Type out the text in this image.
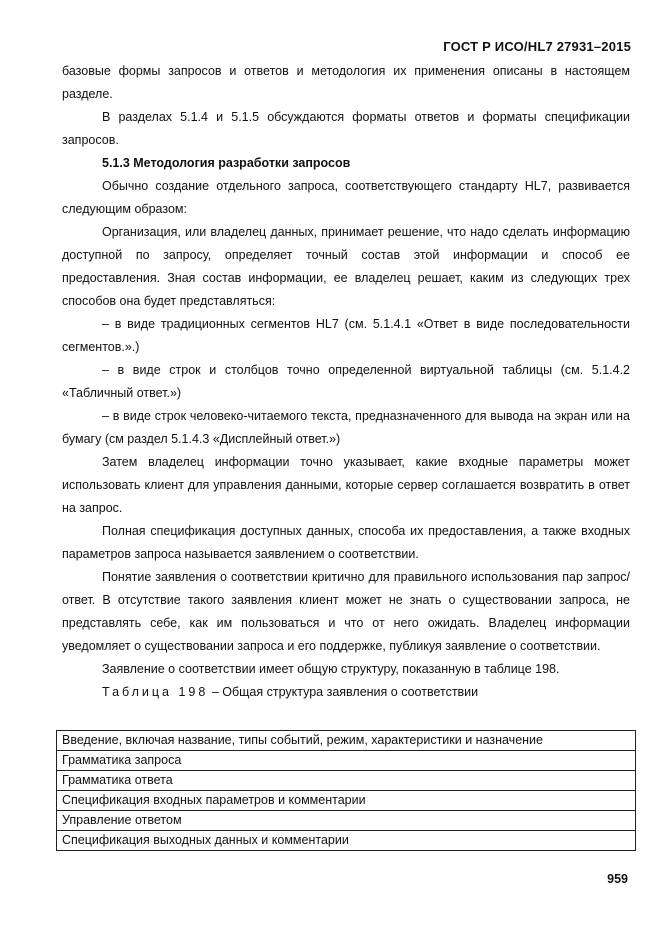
ГОСТ Р ИСО/HL7 27931–2015

базовые формы запросов и ответов и методология их применения описаны в настоящем разделе.

В разделах 5.1.4 и 5.1.5 обсуждаются форматы ответов и форматы спецификации запросов.

5.1.3 Методология разработки запросов

Обычно создание отдельного запроса, соответствующего стандарту HL7, развивается следующим образом:

Организация, или владелец данных, принимает решение, что надо сделать информацию доступной по запросу, определяет точный состав этой информации и способ ее предоставления. Зная состав информации, ее владелец решает, каким из следующих трех способов она будет представляться:

– в виде традиционных сегментов HL7 (см. 5.1.4.1 «Ответ в виде последовательности сегментов.».)

– в виде строк и столбцов точно определенной виртуальной таблицы (см. 5.1.4.2 «Табличный ответ.»)

– в виде строк человеко-читаемого текста, предназначенного для вывода на экран или на бумагу (см раздел 5.1.4.3 «Дисплейный ответ.»)

Затем владелец информации точно указывает, какие входные параметры может использовать клиент для управления данными, которые сервер соглашается возвратить в ответ на запрос.

Полная спецификация доступных данных, способа их предоставления, а также входных параметров запроса называется заявлением о соответствии.

Понятие заявления о соответствии критично для правильного использования пар запрос/ответ. В отсутствие такого заявления клиент может не знать о существовании запроса, не представлять себе, как им пользоваться и что от него ожидать. Владелец информации уведомляет о существовании запроса и его поддержке, публикуя заявление о соответствии.

Заявление о соответствии имеет общую структуру, показанную в таблице 198.

Таблица 198 – Общая структура заявления о соответствии
Введение, включая название, типы событий, режим, характеристики и назначение
Грамматика запроса
Грамматика ответа
Спецификация входных параметров и комментарии
Управление ответом
Спецификация выходных данных и комментарии
959
